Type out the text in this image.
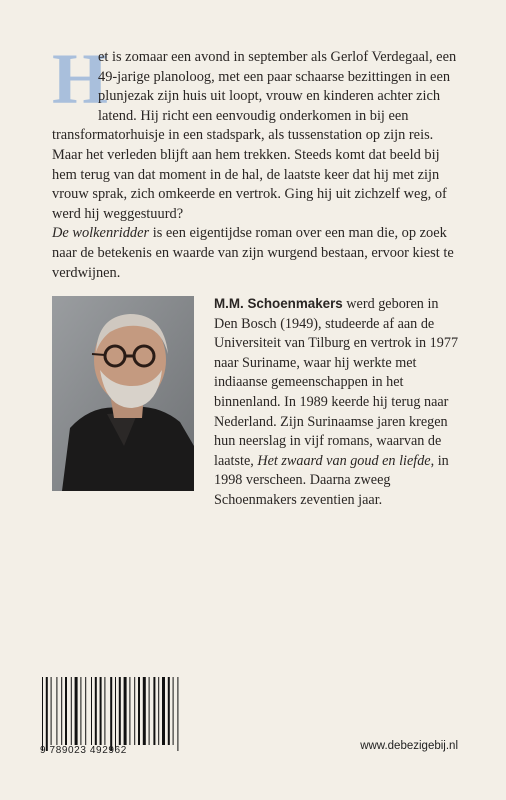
H

et is zomaar een avond in september als Gerlof Verdegaal, een 49-jarige planoloog, met een paar schaarse bezittingen in een plunjezak zijn huis uit loopt, vrouw en kinderen achter zich latend. Hij richt een eenvoudig onderkomen in bij een transformatorhuisje in een stadspark, als tussenstation op zijn reis.

Maar het verleden blijft aan hem trekken. Steeds komt dat beeld bij hem terug van dat moment in de hal, de laatste keer dat hij met zijn vrouw sprak, zich omkeerde en vertrok. Ging hij uit zichzelf weg, of werd hij weggestuurd?

De wolkenridder is een eigentijdse roman over een man die, op zoek naar de betekenis en waarde van zijn wurgend bestaan, ervoor kiest te verdwijnen.

M.M. Schoenmakers werd geboren in Den Bosch (1949), studeerde af aan de Universiteit van Tilburg en vertrok in 1977 naar Suriname, waar hij werkte met indiaanse gemeenschappen in het binnenland. In 1989 keerde hij terug naar Nederland. Zijn Surinaamse jaren kregen hun neerslag in vijf romans, waarvan de laatste, Het zwaard van goud en liefde, in 1998 verscheen. Daarna zweeg Schoenmakers zeventien jaar.

9 789023 492962	www.debezigebij.nl
